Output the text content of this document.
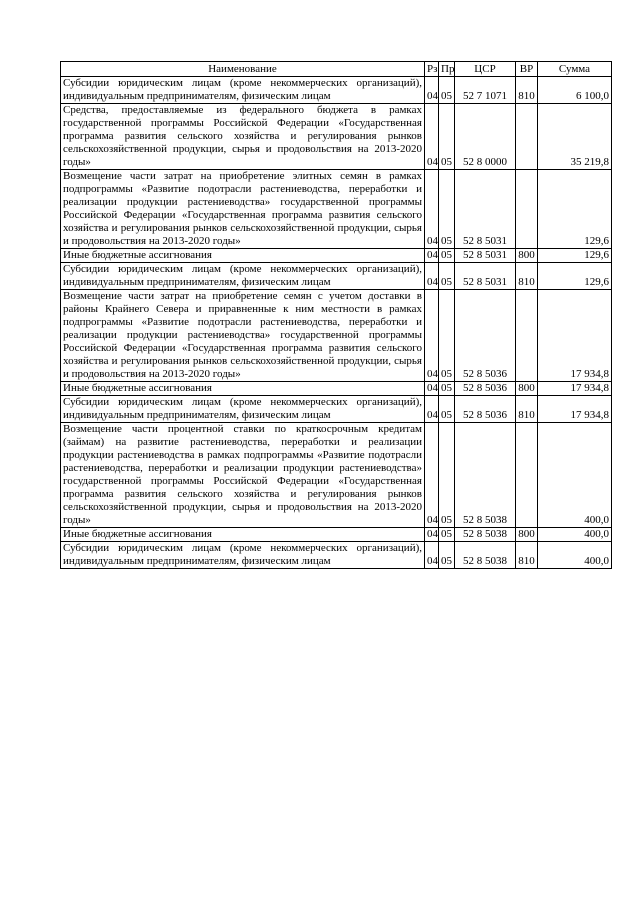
Наименование	Рз	Пр	ЦСР	ВР	Сумма
Субсидии юридическим лицам (кроме некоммерческих организаций), индивидуальным предпринимателям, физическим лицам	04	05	52 7 1071	810	6 100,0
Средства, предоставляемые из федерального бюджета в рамках государственной программы Российской Федерации «Государственная программа развития сельского хозяйства и регулирования рынков сельскохозяйственной продукции, сырья и продовольствия на 2013-2020 годы»	04	05	52 8 0000		35 219,8
Возмещение части затрат на приобретение элитных семян в рамках подпрограммы «Развитие подотрасли растениеводства, переработки и реализации продукции растениеводства» государственной программы Российской Федерации «Государственная программа развития сельского хозяйства и регулирования рынков сельскохозяйственной продукции, сырья и продовольствия на 2013-2020 годы»	04	05	52 8 5031		129,6
Иные бюджетные ассигнования	04	05	52 8 5031	800	129,6
Субсидии юридическим лицам (кроме некоммерческих организаций), индивидуальным предпринимателям, физическим лицам	04	05	52 8 5031	810	129,6
Возмещение части затрат на приобретение семян с учетом доставки в районы Крайнего Севера и приравненные к ним местности в рамках подпрограммы «Развитие подотрасли растениеводства, переработки и реализации продукции растениеводства» государственной программы Российской Федерации «Государственная программа развития сельского хозяйства и регулирования рынков сельскохозяйственной продукции, сырья и продовольствия на 2013-2020 годы»	04	05	52 8 5036		17 934,8
Иные бюджетные ассигнования	04	05	52 8 5036	800	17 934,8
Субсидии юридическим лицам (кроме некоммерческих организаций), индивидуальным предпринимателям, физическим лицам	04	05	52 8 5036	810	17 934,8
Возмещение части процентной ставки по краткосрочным кредитам (займам) на развитие растениеводства, переработки и реализации продукции растениеводства в рамках подпрограммы «Развитие подотрасли растениеводства, переработки и реализации продукции растениеводства» государственной программы Российской Федерации «Государственная программа развития сельского хозяйства и регулирования рынков сельскохозяйственной продукции, сырья и продовольствия на 2013-2020 годы»	04	05	52 8 5038		400,0
Иные бюджетные ассигнования	04	05	52 8 5038	800	400,0
Субсидии юридическим лицам (кроме некоммерческих организаций), индивидуальным предпринимателям, физическим лицам	04	05	52 8 5038	810	400,0
